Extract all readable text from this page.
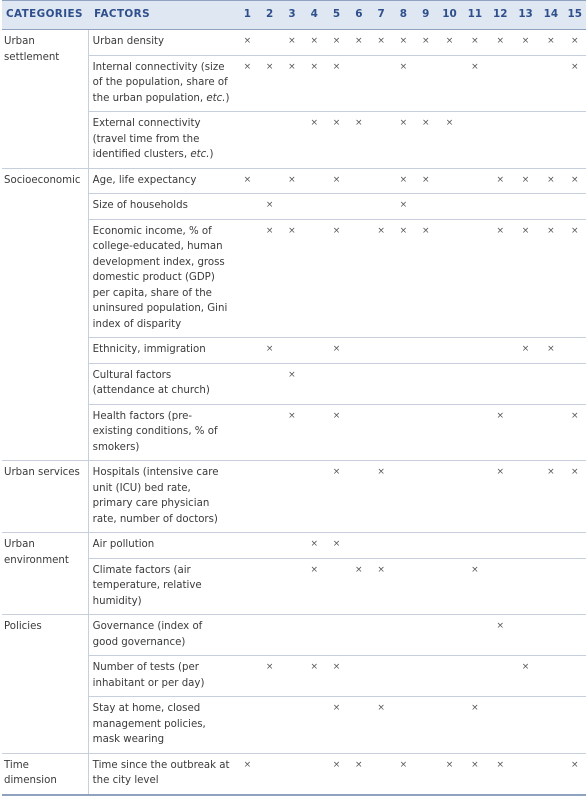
CATEGORIES	FACTORS	1	2	3	4	5	6	7	8	9	10	11	12	13	14	15
Urban settlement	Urban density	×		×	×	×	×	×	×	×	×	×	×	×	×	×
	Internal connectivity (size of the population, share of the urban population, etc.)	×	×	×	×	×			×			×				×
	External connectivity (travel time from the identified clusters, etc.)				×	×	×		×	×	×					
Socioeconomic	Age, life expectancy	×		×		×			×	×			×	×	×	×
	Size of households		×						×							
	Economic income, % of college-educated, human development index, gross domestic product (GDP) per capita, share of the uninsured population, Gini index of disparity		×	×		×		×	×	×			×	×	×	×
	Ethnicity, immigration		×			×								×	×	
	Cultural factors (attendance at church)			×												
	Health factors (pre-existing conditions, % of smokers)			×		×							×			×
Urban services	Hospitals (intensive care unit (ICU) bed rate, primary care physician rate, number of doctors)					×		×					×		×	×
Urban environment	Air pollution				×	×										
	Climate factors (air temperature, relative humidity)				×		×	×				×				
Policies	Governance (index of good governance)												×			
	Number of tests (per inhabitant or per day)		×		×	×								×		
	Stay at home, closed management policies, mask wearing					×		×				×				
Time dimension	Time since the outbreak at the city level	×				×	×		×		×	×	×			×
